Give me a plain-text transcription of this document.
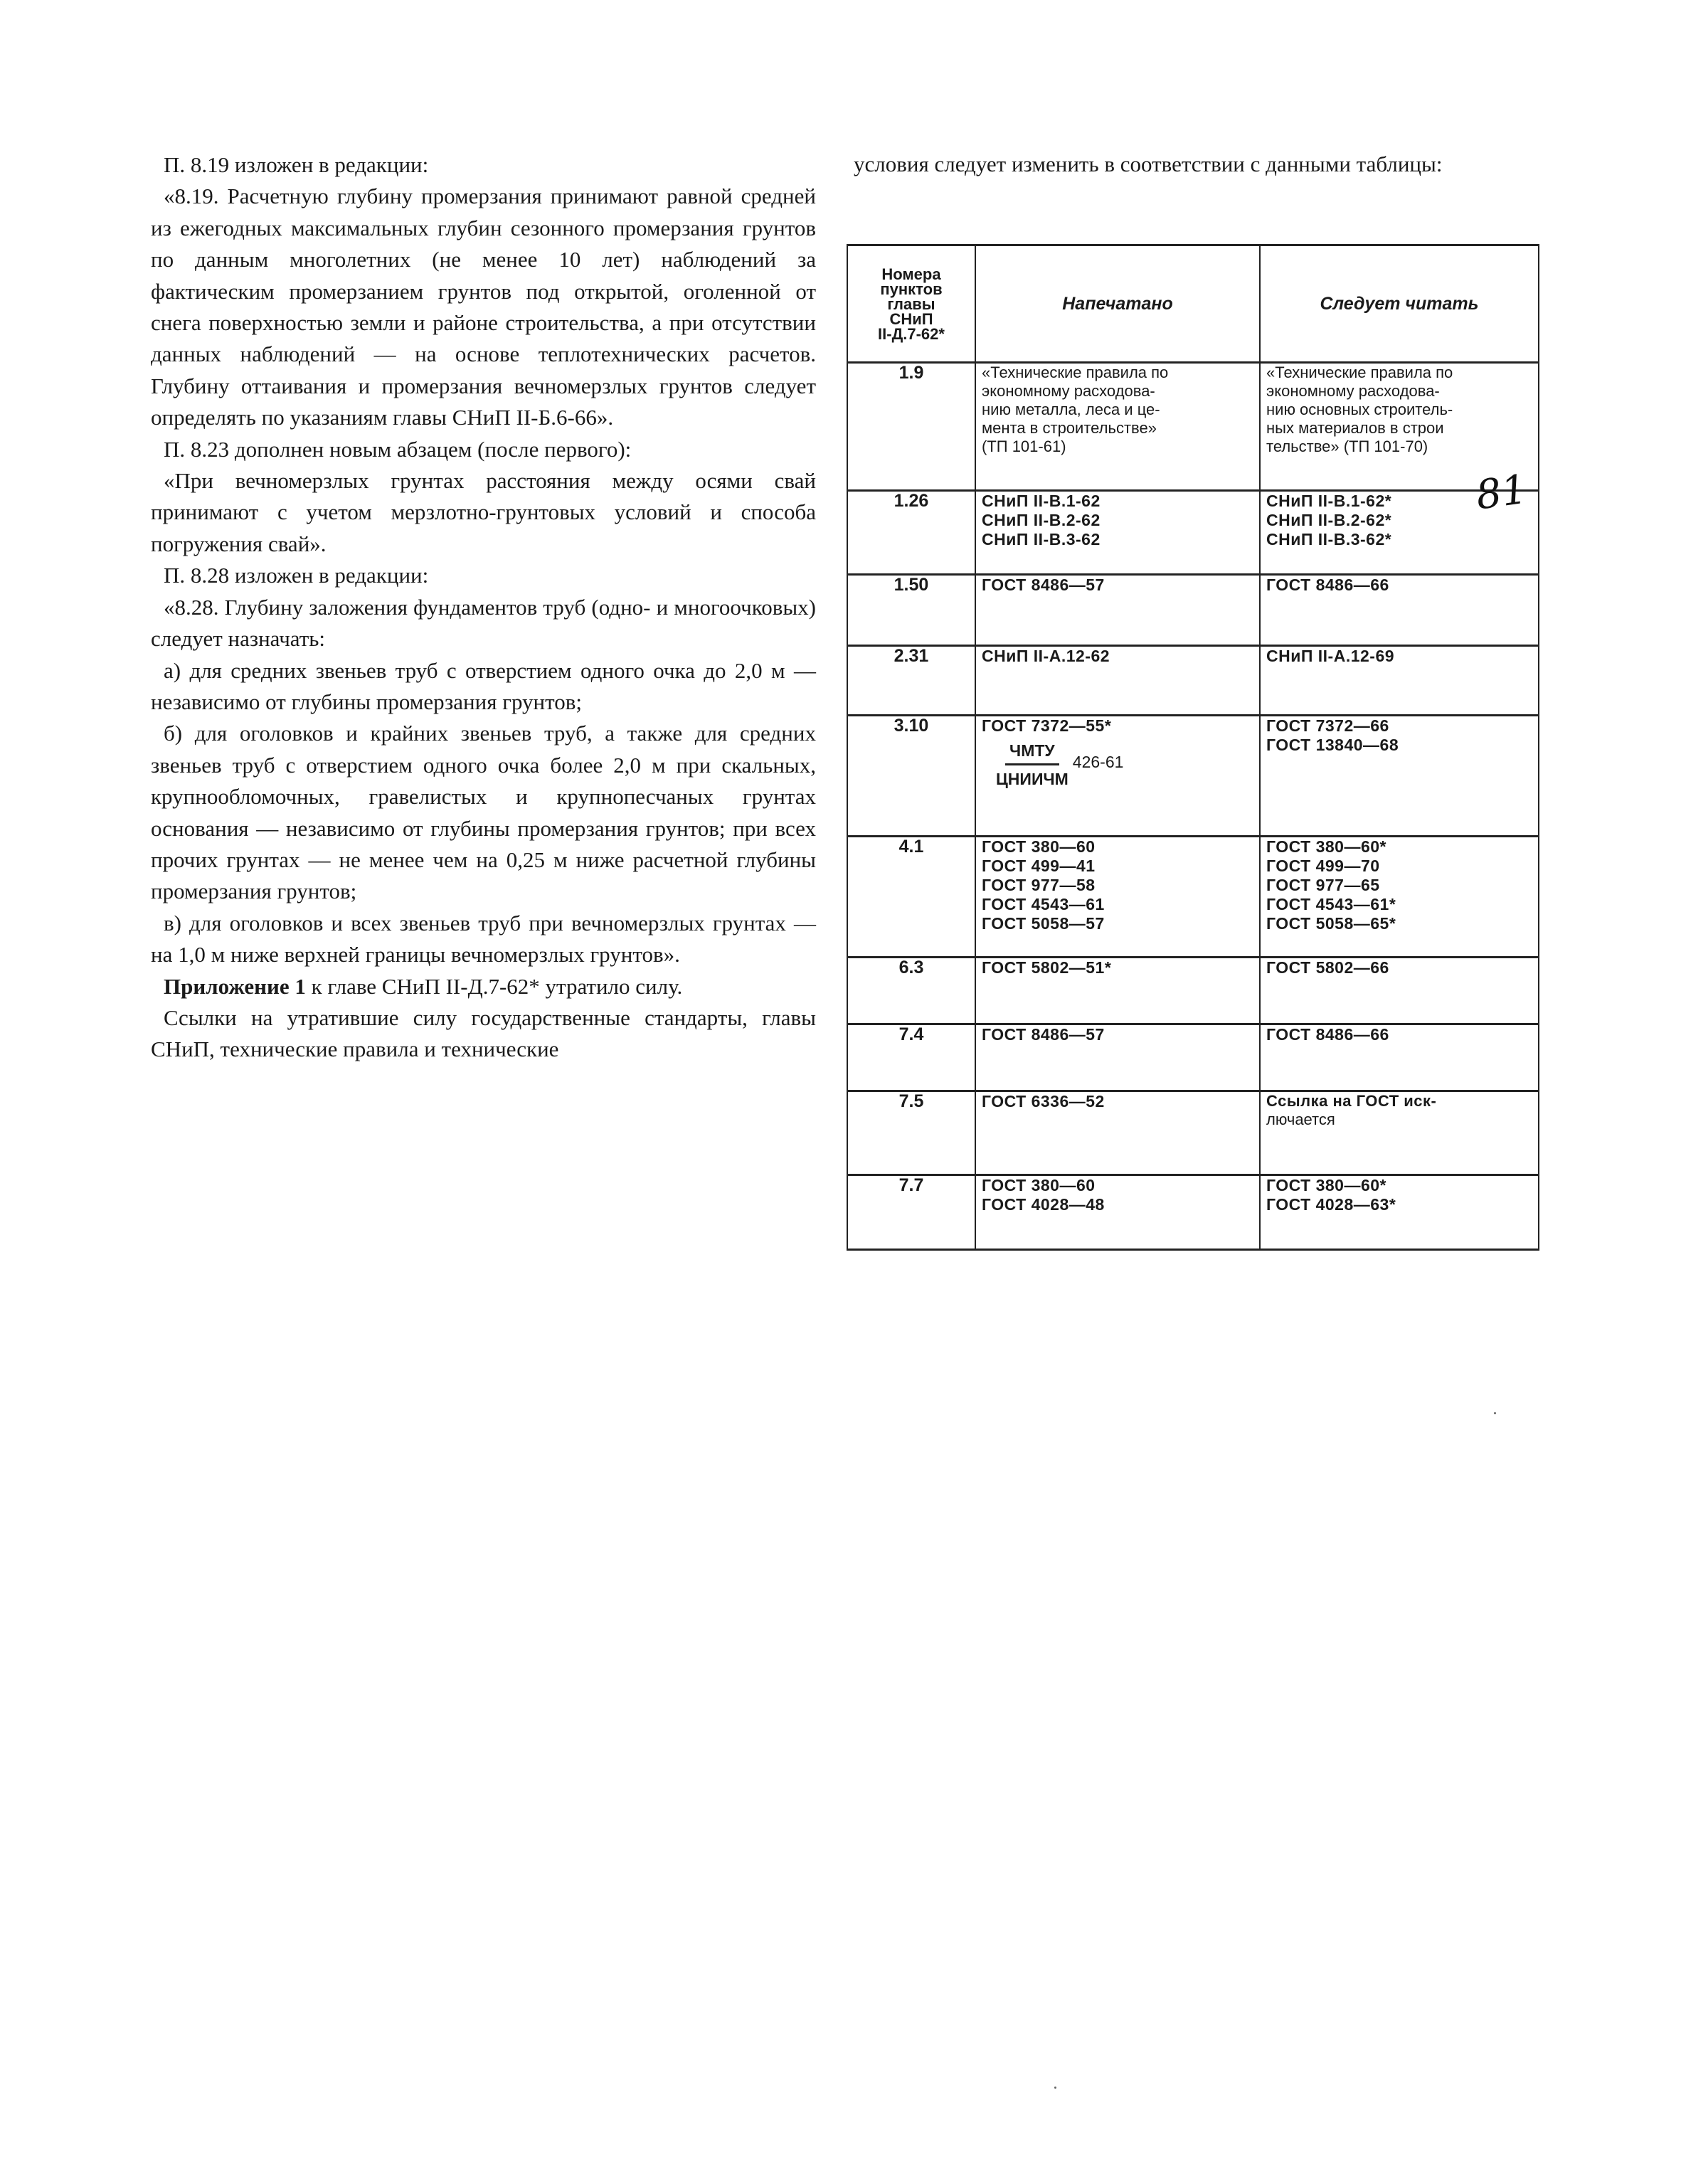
П. 8.19 изложен в редакции:

«8.19. Расчетную глубину промерзания принимают равной средней из ежегодных максимальных глубин сезонного промерзания грунтов по данным многолетних (не менее 10 лет) наблюдений за фактическим промерзанием грунтов под открытой, оголенной от снега поверхностью земли и районе строительства, а при отсутствии данных наблюдений — на основе теплотехнических расчетов. Глубину оттаивания и промерзания вечномерзлых грунтов следует определять по указаниям главы СНиП II-Б.6-66».

П. 8.23 дополнен новым абзацем (после первого):

«При вечномерзлых грунтах расстояния между осями свай принимают с учетом мерзлотно-грунтовых условий и способа погружения свай».

П. 8.28 изложен в редакции:

«8.28. Глубину заложения фундаментов труб (одно- и многоочковых) следует назначать:

а) для средних звеньев труб с отверстием одного очка до 2,0 м — независимо от глубины промерзания грунтов;

б) для оголовков и крайних звеньев труб, а также для средних звеньев труб с отверстием одного очка более 2,0 м при скальных, крупнообломочных, гравелистых и крупнопесчаных грунтах основания — независимо от глубины промерзания грунтов; при всех прочих грунтах — не менее чем на 0,25 м ниже расчетной глубины промерзания грунтов;

в) для оголовков и всех звеньев труб при вечномерзлых грунтах — на 1,0 м ниже верхней границы вечномерзлых грунтов».

Приложение 1 к главе СНиП II-Д.7-62* утратило силу.

Ссылки на утратившие силу государственные стандарты, главы СНиП, технические правила и технические

условия следует изменить в соответствии с данными таблицы:
Номера
пунктов
главы
СНиП
II-Д.7-62*	Напечатано	Следует читать

1.9	«Технические правила по
экономному расходова-
нию металла, леса и це-
мента в строительстве»
(ТП 101-61)	«Технические правила по
экономному расходова-
нию основных строитель-
ных материалов в строи
тельстве» (ТП 101-70)

1.26	СНиП II-В.1-62
СНиП II-В.2-62
СНиП II-В.3-62	СНиП II-В.1-62*
СНиП II-В.2-62*
СНиП II-В.3-62*

1.50	ГОСТ 8486—57	ГОСТ 8486—66

2.31	СНиП II-А.12-62	СНиП II-А.12-69

3.10	ГОСТ 7372—55*
$\frac{\text{ЧМТУ}}{\text{ЦНИИЧМ}} 426-61$	ГОСТ 7372—66
ГОСТ 13840—68

4.1	ГОСТ 380—60
ГОСТ 499—41
ГОСТ 977—58
ГОСТ 4543—61
ГОСТ 5058—57	ГОСТ 380—60*
ГОСТ 499—70
ГОСТ 977—65
ГОСТ 4543—61*
ГОСТ 5058—65*

6.3	ГОСТ 5802—51*	ГОСТ 5802—66

7.4	ГОСТ 8486—57	ГОСТ 8486—66

7.5	ГОСТ 6336—52	Ссылка на ГОСТ иск-
лючается

7.7	ГОСТ 380—60
ГОСТ 4028—48	ГОСТ 380—60*
ГОСТ 4028—63*
81
